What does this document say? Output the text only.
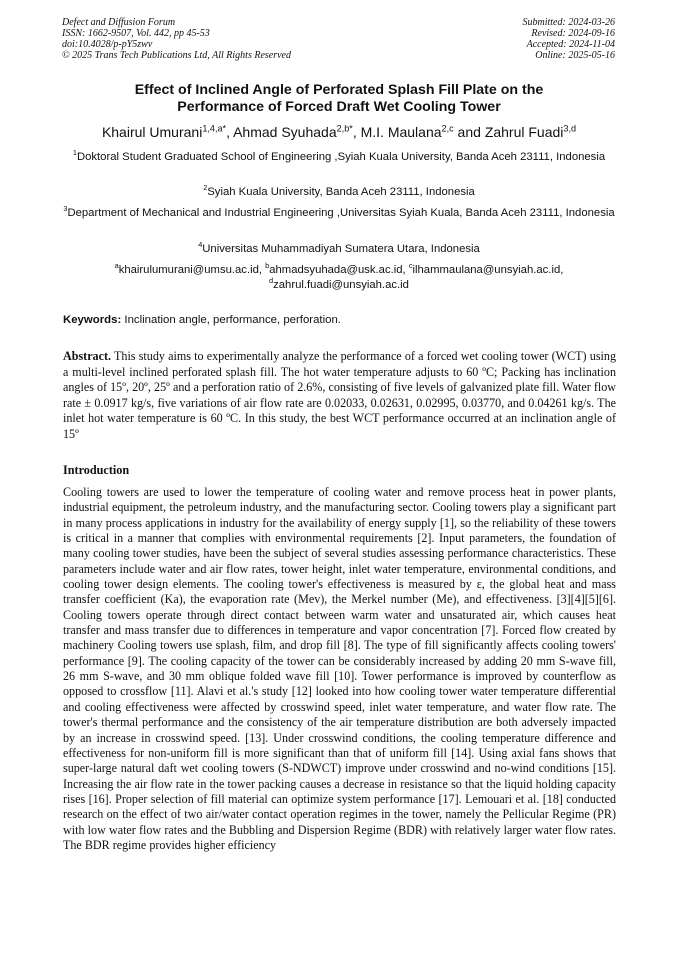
Defect and Diffusion Forum
ISSN: 1662-9507, Vol. 442, pp 45-53
doi:10.4028/p-pY5zwv
© 2025 Trans Tech Publications Ltd, All Rights Reserved
Submitted: 2024-03-26
Revised: 2024-09-16
Accepted: 2024-11-04
Online: 2025-05-16
Effect of Inclined Angle of Perforated Splash Fill Plate on the
Performance of Forced Draft Wet Cooling Tower
Khairul Umurani$^{1,4,a*}$, Ahmad Syuhada$^{2,b*}$, M.I. Maulana$^{2,c}$ and Zahrul Fuadi$^{3,d}$
$^1$Doktoral Student Graduated School of Engineering ,Syiah Kuala University, Banda Aceh 23111, Indonesia
$^2$Syiah Kuala University, Banda Aceh 23111, Indonesia
$^3$Department of Mechanical and Industrial Engineering ,Universitas Syiah Kuala, Banda Aceh 23111, Indonesia
$^4$Universitas Muhammadiyah Sumatera Utara, Indonesia
$^a$khairulumurani@umsu.ac.id, $^b$ahmadsyuhada@usk.ac.id, $^c$ilhammaulana@unsyiah.ac.id, $^d$zahrul.fuadi@unsyiah.ac.id
Keywords: Inclination angle, performance, perforation.
Abstract. This study aims to experimentally analyze the performance of a forced wet cooling tower (WCT) using a multi-level inclined perforated splash fill. The hot water temperature adjusts to 60 ºC; Packing has inclination angles of 15º, 20º, 25º and a perforation ratio of 2.6%, consisting of five levels of galvanized plate fill. Water flow rate ± 0.0917 kg/s, five variations of air flow rate are 0.02033, 0.02631, 0.02995, 0.03770, and 0.04261 kg/s. The inlet hot water temperature is 60 ºC. In this study, the best WCT performance occurred at an inclination angle of 15º
Introduction
Cooling towers are used to lower the temperature of cooling water and remove process heat in power plants, industrial equipment, the petroleum industry, and the manufacturing sector. Cooling towers play a significant part in many process applications in industry for the availability of energy supply [1], so the reliability of these towers is critical in a manner that complies with environmental requirements [2]. Input parameters, the foundation of many cooling tower studies, have been the subject of several studies assessing performance characteristics. These parameters include water and air flow rates, tower height, inlet water temperature, environmental conditions, and cooling tower design elements. The cooling tower's effectiveness is measured by ε, the global heat and mass transfer coefficient (Ka), the evaporation rate (Mev), the Merkel number (Me), and effectiveness. [3][4][5][6]. Cooling towers operate through direct contact between warm water and unsaturated air, which causes heat transfer and mass transfer due to differences in temperature and vapor concentration [7]. Forced flow created by machinery Cooling towers use splash, film, and drop fill [8]. The type of fill significantly affects cooling towers' performance [9]. The cooling capacity of the tower can be considerably increased by adding 20 mm S-wave fill, 26 mm S-wave, and 30 mm oblique folded wave fill [10]. Tower performance is improved by counterflow as opposed to crossflow [11]. Alavi et al.'s study [12] looked into how cooling tower water temperature differential and cooling effectiveness were affected by crosswind speed, inlet water temperature, and water flow rate. The tower's thermal performance and the consistency of the air temperature distribution are both adversely impacted by an increase in crosswind speed. [13]. Under crosswind conditions, the cooling temperature difference and effectiveness for non-uniform fill is more significant than that of uniform fill [14]. Using axial fans shows that super-large natural daft wet cooling towers (S-NDWCT) improve under crosswind and no-wind conditions [15]. Increasing the air flow rate in the tower packing causes a decrease in resistance so that the liquid holding capacity rises [16]. Proper selection of fill material can optimize system performance [17]. Lemouari et al. [18] conducted research on the effect of two air/water contact operation regimes in the tower, namely the Pellicular Regime (PR) with low water flow rates and the Bubbling and Dispersion Regime (BDR) with relatively larger water flow rates. The BDR regime provides higher efficiency
